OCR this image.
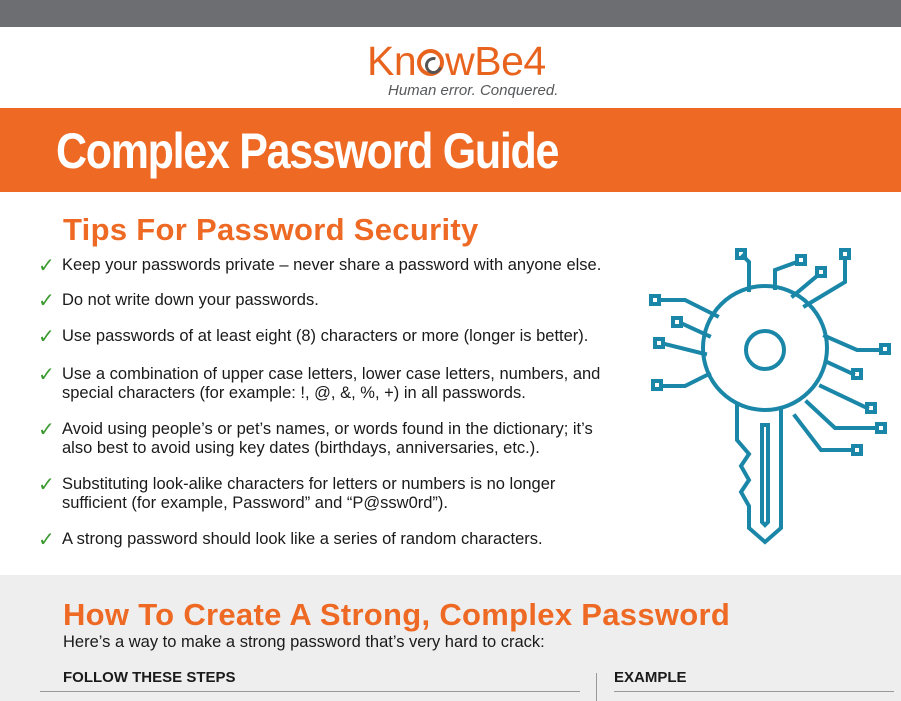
Kn wBe4
Human error. Conquered.
Complex Password Guide
Tips For Password Security
✓ Keep your passwords private – never share a password with anyone else.
✓ Do not write down your passwords.
✓ Use passwords of at least eight (8) characters or more (longer is better).
✓ Use a combination of upper case letters, lower case letters, numbers, and special characters (for example: !, @, &, %, +) in all passwords.
✓ Avoid using people’s or pet’s names, or words found in the dictionary; it’s also best to avoid using key dates (birthdays, anniversaries, etc.).
✓ Substituting look-alike characters for letters or numbers is no longer sufficient (for example, Password” and “P@ssw0rd”).
✓ A strong password should look like a series of random characters.
How To Create A Strong, Complex Password
Here’s a way to make a strong password that’s very hard to crack:
FOLLOW THESE STEPS	EXAMPLE
